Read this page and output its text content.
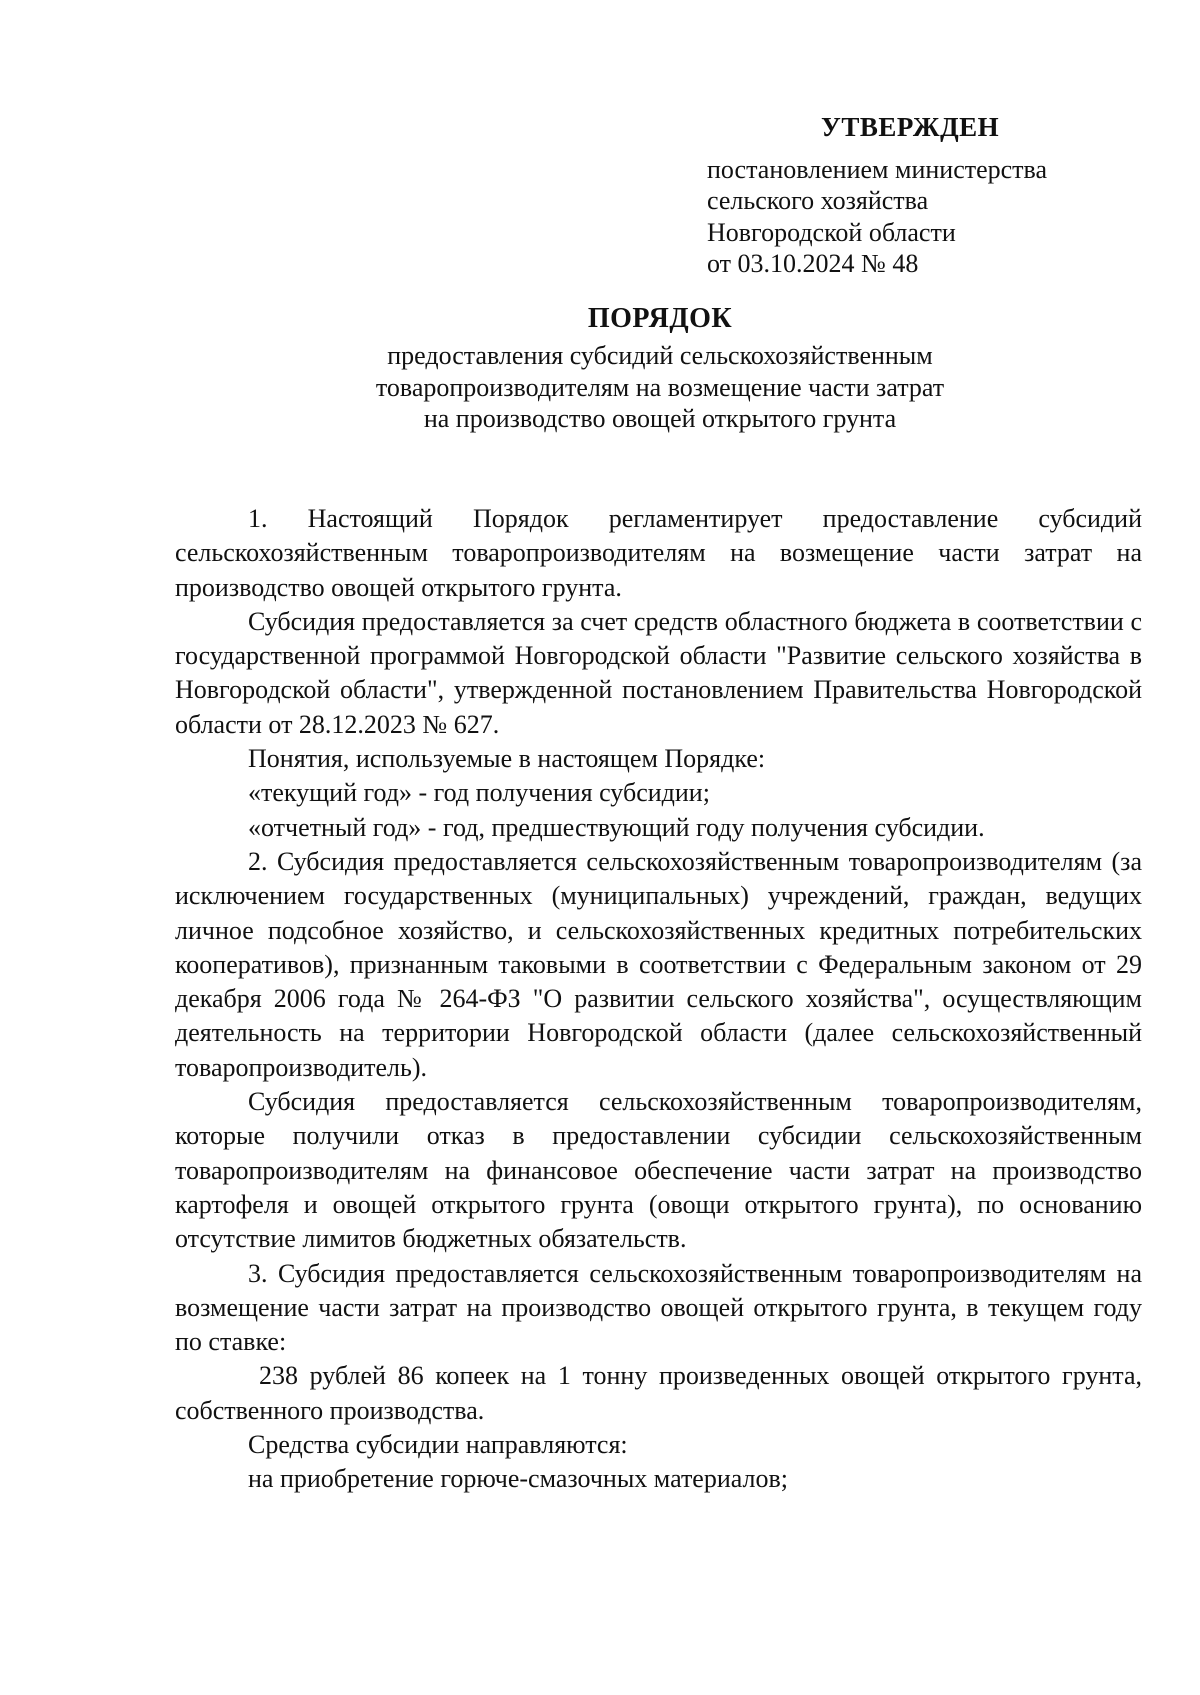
УТВЕРЖДЕН
постановлением министерства
сельского хозяйства
Новгородской области
от 03.10.2024 № 48
ПОРЯДОК
предоставления субсидий сельскохозяйственным
товаропроизводителям на возмещение части затрат
на производство овощей открытого грунта

1. Настоящий Порядок регламентирует предоставление субсидий сельскохозяйственным товаропроизводителям на возмещение части затрат на производство овощей открытого грунта.

Субсидия предоставляется за счет средств областного бюджета в соответствии с государственной программой Новгородской области "Развитие сельского хозяйства в Новгородской области", утвержденной постановлением Правительства Новгородской области от 28.12.2023 № 627.

Понятия, используемые в настоящем Порядке:

«текущий год» - год получения субсидии;

«отчетный год» - год, предшествующий году получения субсидии.

2. Субсидия предоставляется сельскохозяйственным товаропроизводителям (за исключением государственных (муниципальных) учреждений, граждан, ведущих личное подсобное хозяйство, и сельскохозяйственных кредитных потребительских кооперативов), признанным таковыми в соответствии с Федеральным законом от 29 декабря 2006 года № 264-ФЗ "О развитии сельского хозяйства", осуществляющим деятельность на территории Новгородской области (далее сельскохозяйственный товаропроизводитель).

Субсидия предоставляется сельскохозяйственным товаропроизводителям, которые получили отказ в предоставлении субсидии сельскохозяйственным товаропроизводителям на финансовое обеспечение части затрат на производство картофеля и овощей открытого грунта (овощи открытого грунта), по основанию отсутствие лимитов бюджетных обязательств.

3. Субсидия предоставляется сельскохозяйственным товаропроизводителям на возмещение части затрат на производство овощей открытого грунта, в текущем году по ставке:

238 рублей 86 копеек на 1 тонну произведенных овощей открытого грунта, собственного производства.

Средства субсидии направляются:

на приобретение горюче-смазочных материалов;
